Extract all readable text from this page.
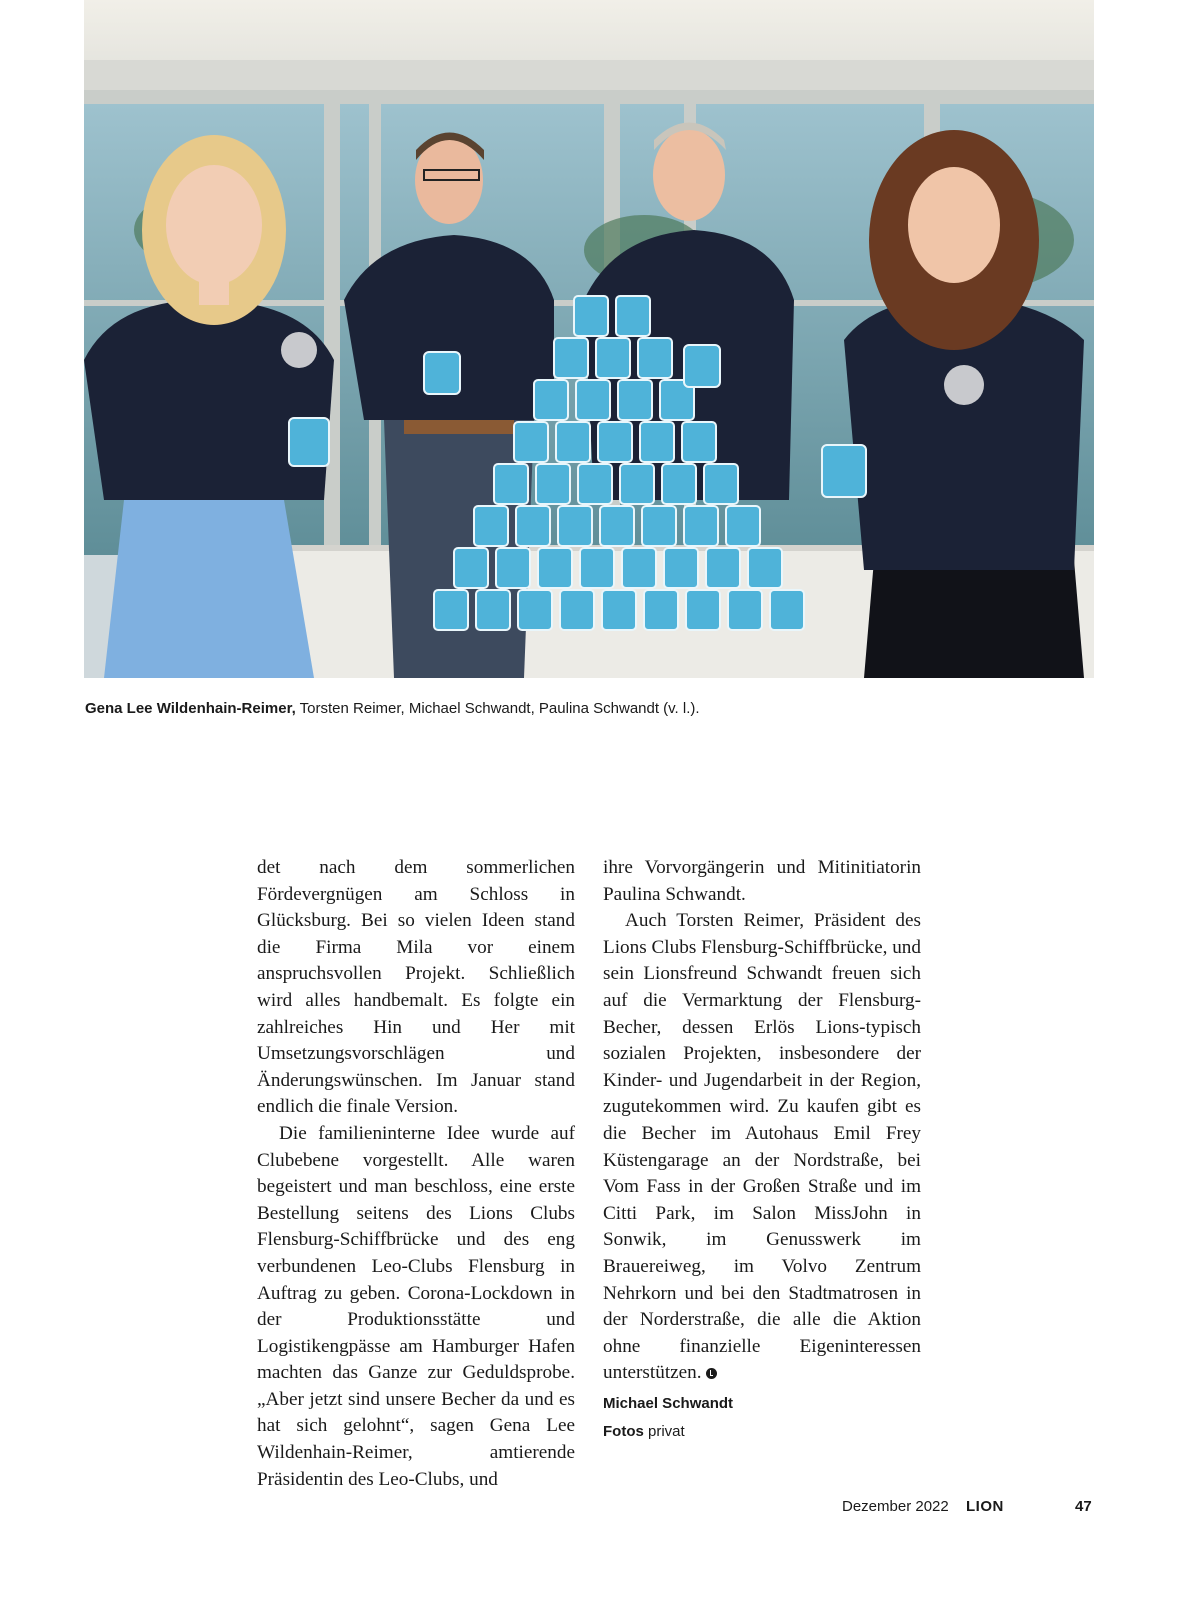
Gena Lee Wildenhain-Reimer, Torsten Reimer, Michael Schwandt, Paulina Schwandt (v. l.).

det nach dem sommerlichen Fördevergnügen am Schloss in Glücksburg. Bei so vielen Ideen stand die Firma Mila vor einem anspruchsvollen Projekt. Schließlich wird alles handbemalt. Es folgte ein zahlreiches Hin und Her mit Umsetzungsvorschlägen und Änderungswünschen. Im Januar stand endlich die finale Version.

Die familieninterne Idee wurde auf Clubebene vorgestellt. Alle waren begeistert und man beschloss, eine erste Bestellung seitens des Lions Clubs Flensburg-Schiffbrücke und des eng verbundenen Leo-Clubs Flensburg in Auftrag zu geben. Corona-Lockdown in der Produktionsstätte und Logistikengpässe am Hamburger Hafen machten das Ganze zur Geduldsprobe. „Aber jetzt sind unsere Becher da und es hat sich gelohnt“, sagen Gena Lee Wildenhain-Reimer, amtierende Präsidentin des Leo-Clubs, und

ihre Vorvorgängerin und Mitinitiatorin Paulina Schwandt.

Auch Torsten Reimer, Präsident des Lions Clubs Flensburg-Schiffbrücke, und sein Lionsfreund Schwandt freuen sich auf die Vermarktung der Flensburg-Becher, dessen Erlös Lions-typisch sozialen Projekten, insbesondere der Kinder- und Jugendarbeit in der Region, zugutekommen wird. Zu kaufen gibt es die Becher im Autohaus Emil Frey Küstengarage an der Nordstraße, bei Vom Fass in der Großen Straße und im Citti Park, im Salon MissJohn in Sonwik, im Genusswerk im Brauereiweg, im Volvo Zentrum Nehrkorn und bei den Stadtmatrosen in der Norderstraße, die alle die Aktion ohne finanzielle Eigeninteressen unterstützen.

Michael Schwandt
Fotos privat
Dezember 2022 LION	47
